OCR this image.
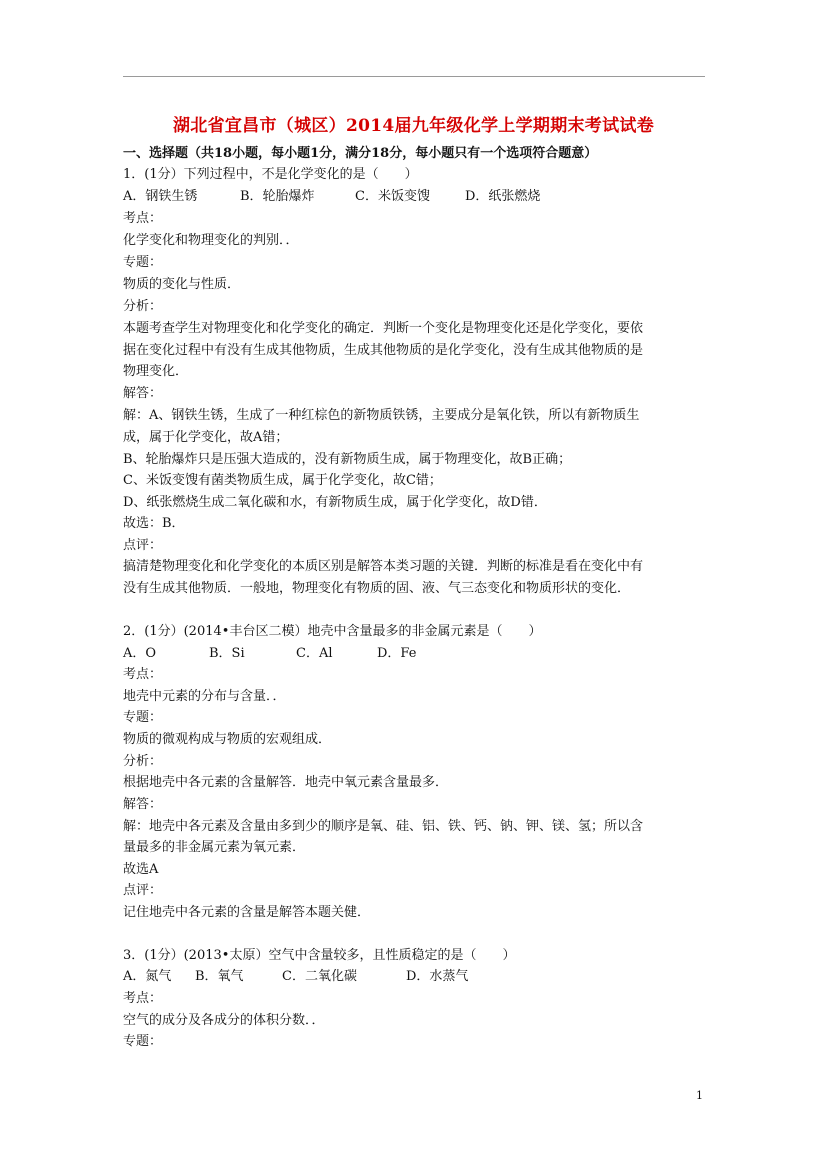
湖北省宜昌市（城区）2014届九年级化学上学期期末考试试卷
一、选择题（共18小题，每小题1分，满分18分，每小题只有一个选项符合题意）
1．(1分）下列过程中，不是化学变化的是（　　）
A．钢铁生锈	B．轮胎爆炸	C．米饭变馊	D．纸张燃烧
考点：
化学变化和物理变化的判别．．
专题：
物质的变化与性质．
分析：
本题考查学生对物理变化和化学变化的确定．判断一个变化是物理变化还是化学变化，要依
据在变化过程中有没有生成其他物质，生成其他物质的是化学变化，没有生成其他物质的是
物理变化．
解答：
解：A、钢铁生锈，生成了一种红棕色的新物质铁锈，主要成分是氧化铁，所以有新物质生
成，属于化学变化，故A错；
B、轮胎爆炸只是压强大造成的，没有新物质生成，属于物理变化，故B正确；
C、米饭变馊有菌类物质生成，属于化学变化，故C错；
D、纸张燃烧生成二氧化碳和水，有新物质生成，属于化学变化，故D错．
故选：B．
点评：
搞清楚物理变化和化学变化的本质区别是解答本类习题的关键．判断的标准是看在变化中有
没有生成其他物质．一般地，物理变化有物质的固、液、气三态变化和物质形状的变化．
2．(1分）(2014•丰台区二模）地壳中含量最多的非金属元素是（　　）
A．O	B．Si	C．Al	D．Fe
考点：
地壳中元素的分布与含量．．
专题：
物质的微观构成与物质的宏观组成．
分析：
根据地壳中各元素的含量解答．地壳中氧元素含量最多．
解答：
解：地壳中各元素及含量由多到少的顺序是氧、硅、铝、铁、钙、钠、钾、镁、氢；所以含
量最多的非金属元素为氧元素．
故选A
点评：
记住地壳中各元素的含量是解答本题关健．
3．(1分）(2013•太原）空气中含量较多，且性质稳定的是（　　）
A．氮气 B．氧气	C．二氧化碳	D．水蒸气
考点：
空气的成分及各成分的体积分数．．
专题：
1
